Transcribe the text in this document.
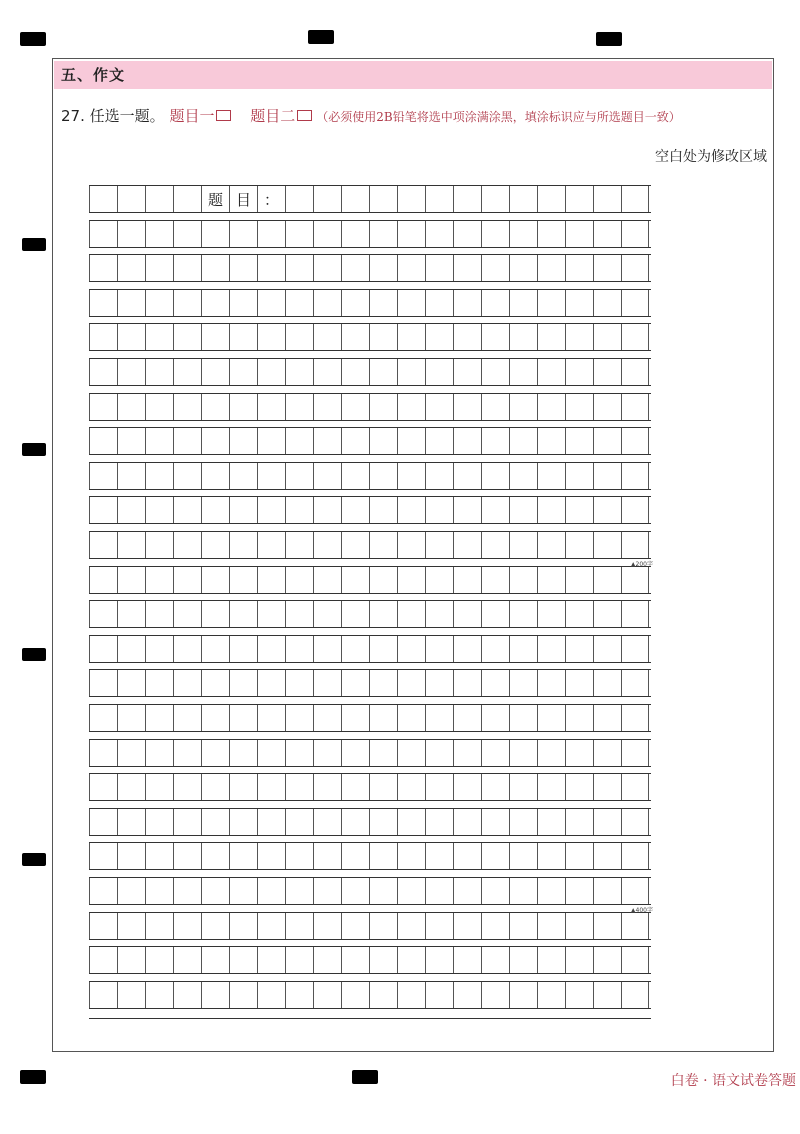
五、作文
27. 任选一题。 题目一 题目二 （必须使用2B铅笔将选中项涂满涂黑，填涂标识应与所选题目一致）
空白处为修改区域
题 目 ：
▲200字
▲400字
白卷 · 语文试卷答题
